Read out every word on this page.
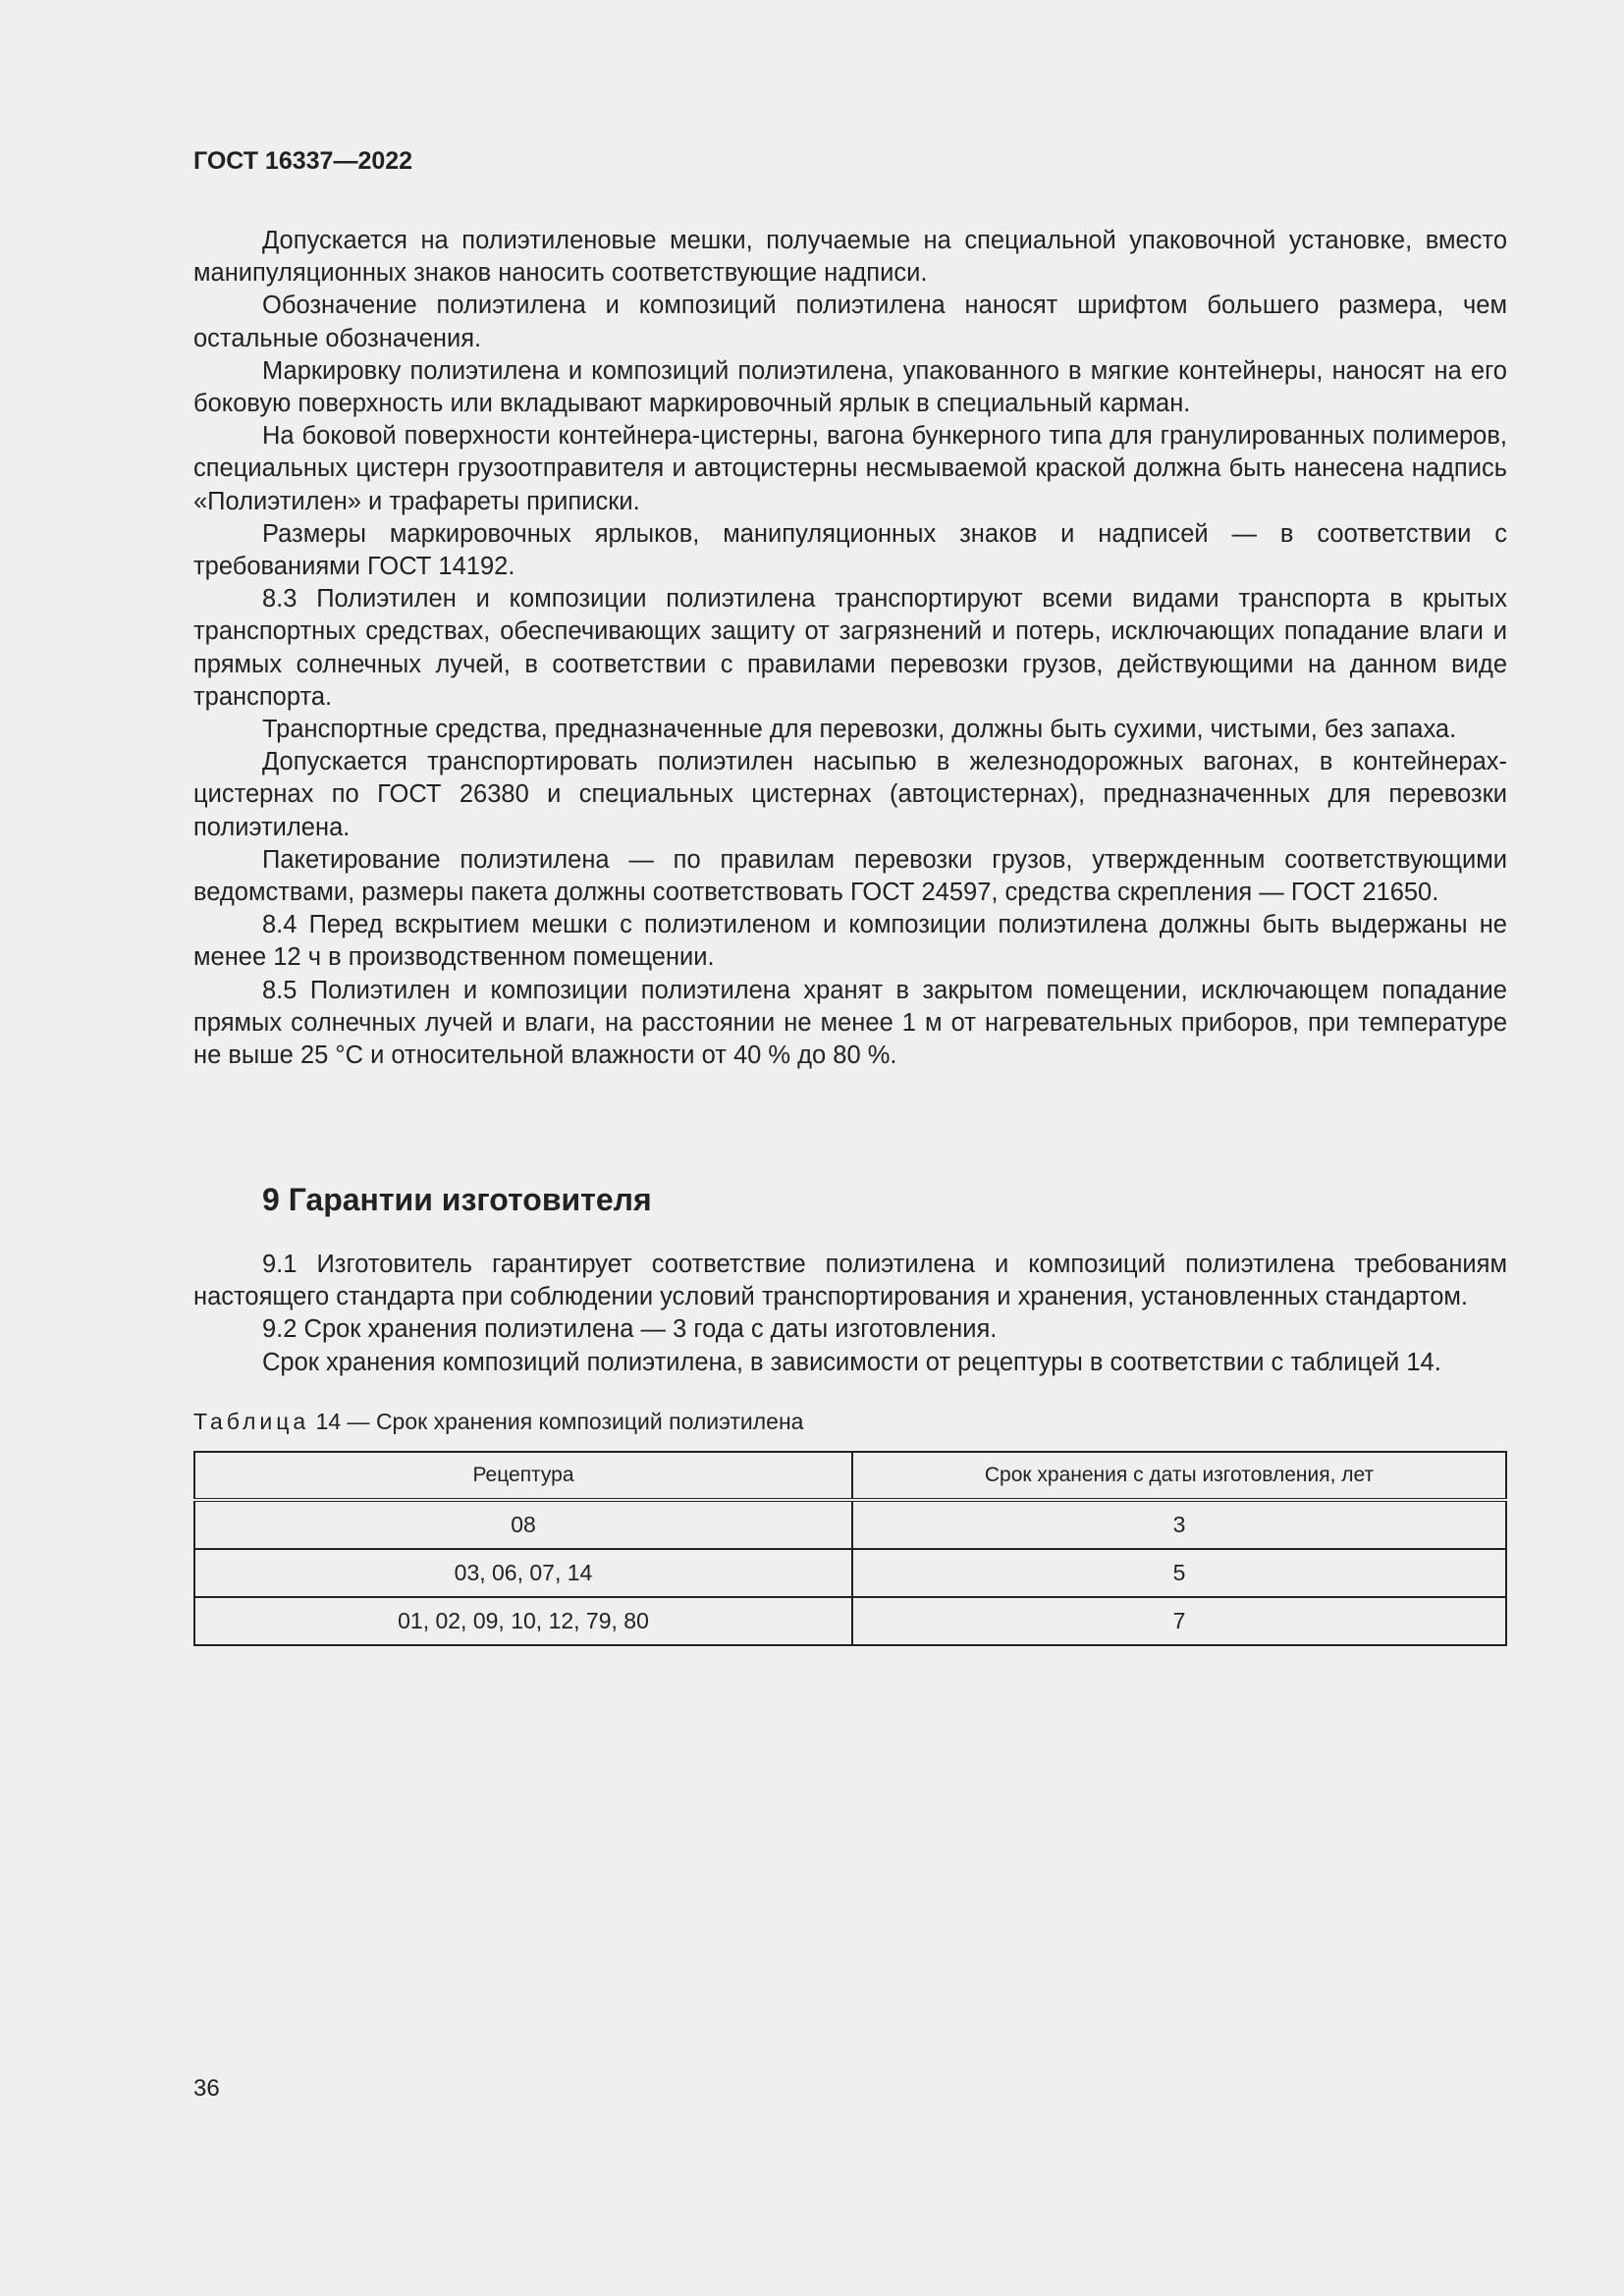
ГОСТ 16337—2022

Допускается на полиэтиленовые мешки, получаемые на специальной упаковочной установке, вместо манипуляционных знаков наносить соответствующие надписи.

Обозначение полиэтилена и композиций полиэтилена наносят шрифтом большего размера, чем остальные обозначения.

Маркировку полиэтилена и композиций полиэтилена, упакованного в мягкие контейнеры, наносят на его боковую поверхность или вкладывают маркировочный ярлык в специальный карман.

На боковой поверхности контейнера-цистерны, вагона бункерного типа для гранулированных полимеров, специальных цистерн грузоотправителя и автоцистерны несмываемой краской должна быть нанесена надпись «Полиэтилен» и трафареты приписки.

Размеры маркировочных ярлыков, манипуляционных знаков и надписей — в соответствии с требованиями ГОСТ 14192.

8.3 Полиэтилен и композиции полиэтилена транспортируют всеми видами транспорта в крытых транспортных средствах, обеспечивающих защиту от загрязнений и потерь, исключающих попадание влаги и прямых солнечных лучей, в соответствии с правилами перевозки грузов, действующими на данном виде транспорта.

Транспортные средства, предназначенные для перевозки, должны быть сухими, чистыми, без запаха.

Допускается транспортировать полиэтилен насыпью в железнодорожных вагонах, в контейнерах-цистернах по ГОСТ 26380 и специальных цистернах (автоцистернах), предназначенных для перевозки полиэтилена.

Пакетирование полиэтилена — по правилам перевозки грузов, утвержденным соответствующими ведомствами, размеры пакета должны соответствовать ГОСТ 24597, средства скрепления — ГОСТ 21650.

8.4 Перед вскрытием мешки с полиэтиленом и композиции полиэтилена должны быть выдержаны не менее 12 ч в производственном помещении.

8.5 Полиэтилен и композиции полиэтилена хранят в закрытом помещении, исключающем попадание прямых солнечных лучей и влаги, на расстоянии не менее 1 м от нагревательных приборов, при температуре не выше 25 °С и относительной влажности от 40 % до 80 %.

9 Гарантии изготовителя

9.1 Изготовитель гарантирует соответствие полиэтилена и композиций полиэтилена требованиям настоящего стандарта при соблюдении условий транспортирования и хранения, установленных стандартом.

9.2 Срок хранения полиэтилена — 3 года с даты изготовления.

Срок хранения композиций полиэтилена, в зависимости от рецептуры в соответствии с таблицей 14.

Таблица 14 — Срок хранения композиций полиэтилена
Рецептура	Срок хранения с даты изготовления, лет
08	3
03, 06, 07, 14	5
01, 02, 09, 10, 12, 79, 80	7
36
